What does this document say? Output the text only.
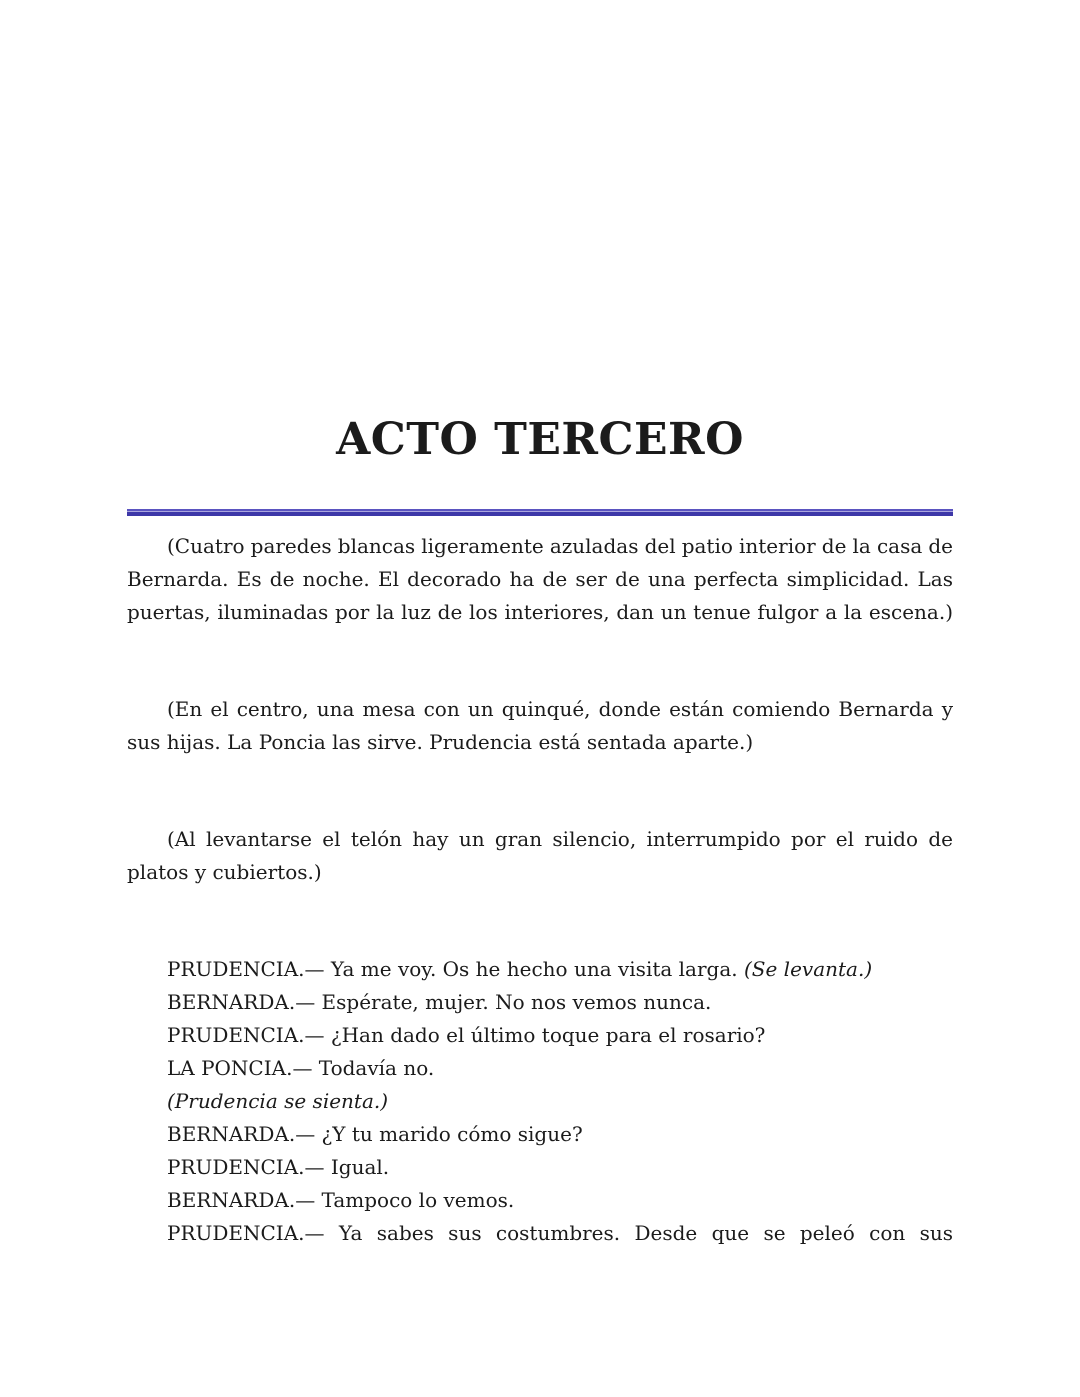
ACTO TERCERO
(Cuatro paredes blancas ligeramente azuladas del patio interior de la casa de
Bernarda. Es de noche. El decorado ha de ser de una perfecta simplicidad. Las
puertas, iluminadas por la luz de los interiores, dan un tenue fulgor a la escena.)
(En el centro, una mesa con un quinqué, donde están comiendo Bernarda y
sus hijas. La Poncia las sirve. Prudencia está sentada aparte.)
(Al levantarse el telón hay un gran silencio, interrumpido por el ruido de
platos y cubiertos.)
PRUDENCIA.— Ya me voy. Os he hecho una visita larga. (Se levanta.)
BERNARDA.— Espérate, mujer. No nos vemos nunca.
PRUDENCIA.— ¿Han dado el último toque para el rosario?
LA PONCIA.— Todavía no.
(Prudencia se sienta.)
BERNARDA.— ¿Y tu marido cómo sigue?
PRUDENCIA.— Igual.
BERNARDA.— Tampoco lo vemos.
PRUDENCIA.— Ya sabes sus costumbres. Desde que se peleó con sus
